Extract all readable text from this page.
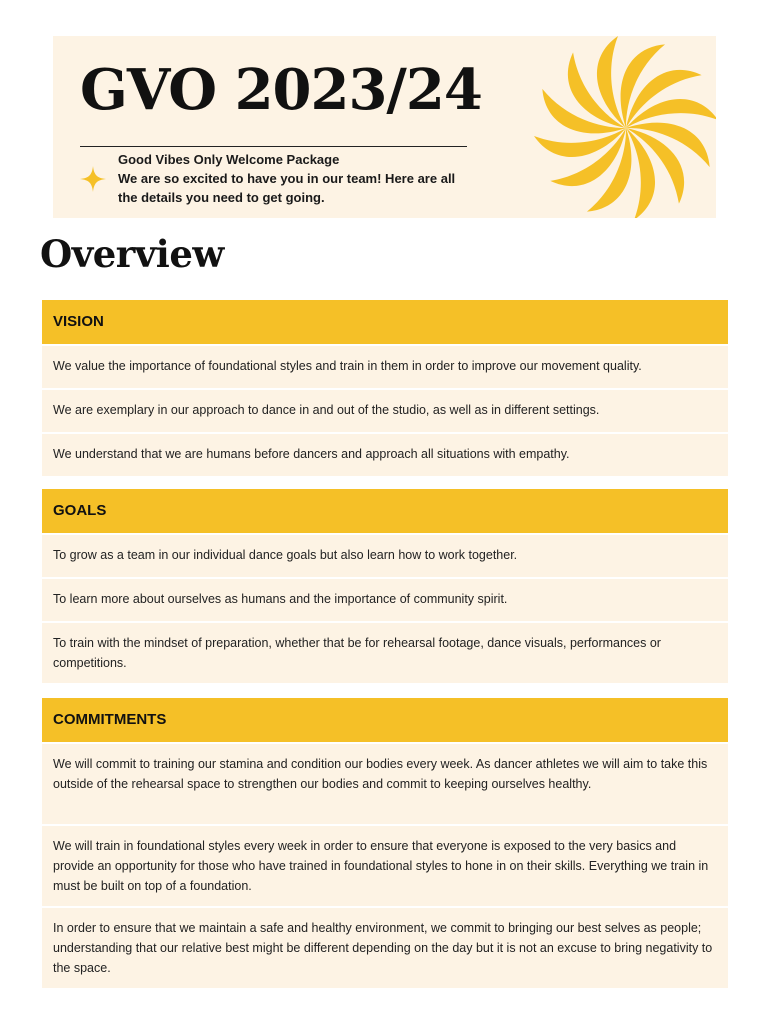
GVO 2023/24
Good Vibes Only Welcome Package
We are so excited to have you in our team! Here are all the details you need to get going.
Overview
VISION
We value the importance of foundational styles and train in them in order to improve our movement quality.
We are exemplary in our approach to dance in and out of the studio, as well as in different settings.
We understand that we are humans before dancers and approach all situations with empathy.
GOALS
To grow as a team in our individual dance goals but also learn how to work together.
To learn more about ourselves as humans and the importance of community spirit.
To train with the mindset of preparation, whether that be for rehearsal footage, dance visuals, performances or competitions.
COMMITMENTS
We will commit to training our stamina and condition our bodies every week. As dancer athletes we will aim to take this outside of the rehearsal space to strengthen our bodies and commit to keeping ourselves healthy.
We will train in foundational styles every week in order to ensure that everyone is exposed to the very basics and provide an opportunity for those who have trained in foundational styles to hone in on their skills. Everything we train in must be built on top of a foundation.
In order to ensure that we maintain a safe and healthy environment, we commit to bringing our best selves as people; understanding that our relative best might be different depending on the day but it is not an excuse to bring negativity to the space.
